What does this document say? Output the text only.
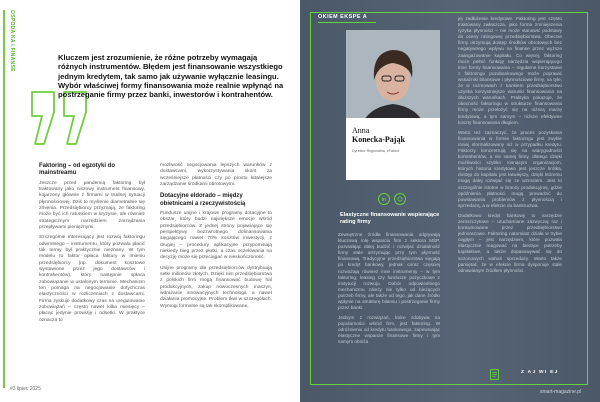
OSPODA KA I FINANSE	Kluczem jest zrozumienie, że różne potrzeby wymagają różnych instrumentów. Błędem jest finansowanie wszystkiego jednym kredytem, tak samo jak używanie wyłącznie leasingu. Wybór właściwej formy finansowania może realnie wpłynąć na postrzeganie firmy przez banki, inwestorów i kontrahentów.
Faktoring – od egzotyki do mainstreamu

Jeszcze przed pandemią faktoring był traktowany jako niszowy instrument finansowy, kojarzony głównie z firmami w trudnej sytuacji płynnościowej. Dziś to myślenie diametralnie się zmienia. Przedsiębiorcy przyznają, że faktoring może być ich ratunkiem w kryzysie, ale również strategicznym narzędziem zarządzania przepływami pieniężnymi.

Szczególnie interesujący jest rozwój faktoringu odwrotnego – instrumentu, który pozwala płacić tak termy był praktycznie nieznany. W tym modelu to faktor opłaca faktury w imieniu przedsiębiorcy (np. dokument kosztowe wystawione przez jego dostawców i kontrahentów), który następnie spłaca zobowiązanie w ustalonym terminie. Mechanizm ten pomaga na negocjowanie dotychczas elastyczności w rozliczeniach z dostawcami. Firma zyskuje dodatkowy czas na uregulowanie zobowiązań – często nawet kilka miesięcy – płacąc jedynie prowizję i odsetki. W praktyce oznacza to

możliwość negocjowania lepszych warunków z dostawcami, wykorzystywania skont za wcześniejsze płatności czy po prostu łatwiejsze zarządzanie środkami obrotowymi.

Dotacyjne eldorado – między obietnicami a rzeczywistością

Fundusze unijne i krajowe programy dotacyjne to obszar, który budzi największe emocje wśród przedsiębiorców. Z jednej strony pojawiające się perspektywy bezzwrotnego dofinansowania sięgającego nawet 70% kosztów inwestycji, z drugiej – procedury aplikacyjne przypominają niekiedy bieg przez płotki, a czas oczekiwania na decyzję może się przeciągać w nieskończoność.

Unijne programy dla przedsiębiorców dystrybuują setki milionów złotych. Dzięki nim przedsiębiorstwa z polskich firm mogą finansować budowę hal produkcyjnych, zakup nowoczesnych maszyn, wdrażanie innowacyjnych technologii, a nawet działania promocyjne. Problem tkwi w szczegółach. Wymogi formalne są tak skomplikowane,

#3 lipiec 2025
OKIEM EKSPE A
Anna
Konecka-Pająk
Dyrektor Regionalna, eFaktor
in
Elastyczne finansowanie wspierające rating firmy

Zewnętrzne źródła finansowania odgrywają kluczową rolę wsparciu firm z sektora MŚP, pozwalając dalej budzić i rozwijać działalność firmy stale utrzymując przy tym płynność finansową. Tradycyjne przedsiębiorstwa sięgają po kredyt bankowy, jednak coraz częściej rozważają również inne instrumenty – w tym faktoring, leasing czy fundusze pożyczkowe z instytucji rozwoju. Dobór odpowiedniego mechanizmu zależy nie tylko od bieżących potrzeb firmy, ale także od tego, jak dane źródło wpłynie na strukturę bilansu i postrzeganie firmy przez banki.

Jednym z rozwiązań, które zdobywa na popularności wśród firm, jest faktoring. W odróżnieniu od kredytu bankowego, zapewniając elastyczne wsparcie finansowe firmy i tym samym obniża

jej zadłużenie kredytowe. Faktoring jest często traktowany zwłaszcza, jako forma zmniejszenia ryzyka płynności – nie może stanowić podstawy do oceny ratingowej przedsiębiorstwa. Obecnie firmy otrzymują dostęp środków obrotowych bez negatywnego wpływu na finanse przez wyższe zaangażowanie kapitału. Co więcej, faktoring może pełnić funkcję narzędzia wspierającego inne formy finansowania – regularne korzystanie z faktoringu pozabankowego może poprawić wskaźniki bilansowe i płynnościowe firmy, na tyle, że w rozmowach z bankiem przedsiębiorstwo uzyska korzystniejsze warunki finansowania na dłuższych warunkach. Praktyka pokazuje, że obecność faktoringu w strukturze finansowania firmy może przełożyć się na niższą marżę kredytową, a tym samym – niższe efektywne koszty finansowania długiem.

Warto też zaznaczyć, że proces pozyskania finansowania w formie faktoringu jest zwykle mniej sformalizowany niż w przypadku kredytu. Faktorzy koncentrują się na wiarygodności kontrahentów, a nie samej firmy, dlatego dzięki możliwości szybko rosnącym organizacjom, których historia kredytowa jest jeszcze krótka, dostęp do kapitału jest łatwiejszy, dzięki któremu mogą dalej rozwijać się ze wzrostem. Jest to szczególnie istotne w branży produkcyjnej, gdzie opóźnienia płatności mogą prowadzić do powstawania problemów z płynnością i sprzedażą, a w efekcie do bankructwa.

Dodatkowo kredyt bankowy to narzędzie zeroszczytowe – uruchamiane zazwyczaj raz i konsumowane przez przedsiębiorstwo jednorazowo. Faktoring natomiast działa w trybie ciągłym – jest narzędziem, które pozwala elastycznie reagować na bieżące potrzeby kapitałowe, a także dopasowywać się do sezonowych wahań sprzedaży. Warto także pamiętać, że w efekcie firma dysponuje stale odnawianym źródłem płynności.

Z AJ WI EJ
smart-magazine.pl
